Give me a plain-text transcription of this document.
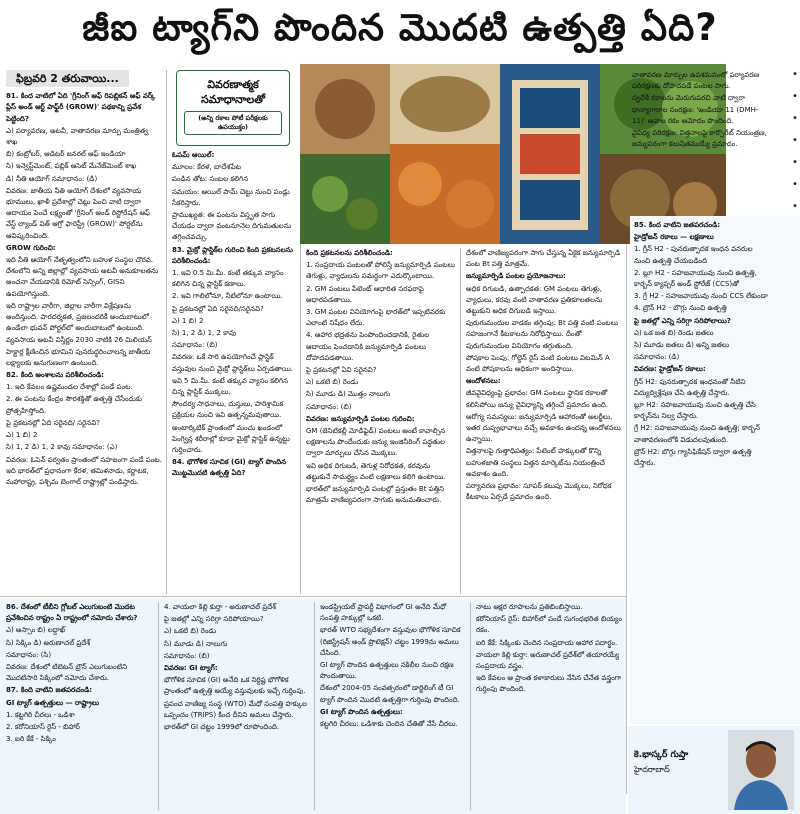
జీఐ ట్యాగ్‌ని పొందిన మొదటి ఉత్పత్తి ఏది?
ఫిబ్రవరి 2 తరువాయి...

81. కింద వాటిలో ఏది 'గ్రీనింగ్ ఆఫ్ రిపబ్లికన్ ఆఫ్ వర్క్ ప్లేస్ అండ్ ఆర్ట్ పాఫ్ట్‌రీ (GROW)' పథకాన్ని ప్రవేశ పెట్టింది?

ఎ) పర్యావరణ, అటవీ, వాతావరణ మార్పు మంత్రిత్వ శాఖ

బి) కంట్రోలర్, ఆడిటర్ జనరల్ ఆఫ్ ఇండియా

సి) ఇన్వెస్ట్‌మెంట్, పబ్లిక్ అసెట్ మేనేజ్‌మెంట్ శాఖ

డి) నీతి ఆయోగ్ సమాధానం: (డి)

వివరణ: జాతీయ నీతి ఆయోగ్ దేశంలో వ్యవసాయ భూములు, ఖాళీ ప్రదేశాల్లో చెట్లు పెంచి వాటి ద్వారా ఆదాయం పెంచే లక్ష్యంతో 'గ్రీనింగ్ అండ్ రిస్టోరేషన్ ఆఫ్ వేస్ట్ ల్యాండ్ విత్ ఆగ్రో ఫారెస్ట్రీ (GROW)' పోర్టల్‌ను ఆవిష్కరించింది.

GROW గురించి:

ఇది నీతి ఆయోగ్ నేతృత్వంలోని బహుళ సంస్థల చొరవ. దేశంలోని అన్ని జిల్లాల్లో వ్యవసాయ అటవీ అనుకూలతను అంచనా వేయడానికి రిమోట్ సెన్సింగ్, GISని ఉపయోగిస్తుంది.

ఇది రాష్ట్రాల వారీగా, జిల్లాల వారీగా విశ్లేషణను అందిస్తుంది. పారదర్శకత, ప్రజలందరికీ అందుబాటులో ఉండేలా భువన్ పోర్టల్‌లో అందుబాటులో ఉంటుంది.

వ్యవసాయ అటవీ విస్తీర్ణం 2030 నాటికి 26 మిలియన్ హెక్టార్ల క్షీణించిన భూమిని పునరుద్ధరించాలన్న జాతీయ లక్ష్యాలకు అనుగుణంగా ఉంటుంది.

82. కింది అంశాలను పరిశీలించండి:

1. ఇది కేవలం ఉష్ణమండల దేశాల్లో పండే పంట.

2. ఈ పంటను కేంద్రం సౌరశక్తితో ఉత్పత్తి చేసేందుకు ప్రోత్సహిస్తోంది.

పై ప్రకటనల్లో ఏది సరైనది/ సరైనవి?

ఎ) 1 బి) 2

సి) 1, 2 డి) 1, 2 కావు సమాధానం: (ఎ)

వివరణ: ఓపెన్ పర్వతం ప్రాంతంలో సహజంగా పండే పంట. ఇది భారత్‌లో ప్రధానంగా కేరళ, తమిళనాడు, కర్ణాటక, మహారాష్ట్ర, పశ్చిమ బెంగాల్ రాష్ట్రాల్లో పండిస్తారు.

వివరణాత్మక సమాధానాలతో
(అన్ని రకాల పోటీ పరీక్షలకు ఉపయుక్తం)

ఓపమ్ ఆయిల్:

మూలం: కేరళ, బాదేశపేట

పండిన తోట: సంబల కలిగిన

సమయం: ఆయిల్ పామ్ చెట్టు నుంచి పండ్లు సేకరిస్తారు.

ప్రాముఖ్యత: ఈ పంటను విస్తృత సాగు చేయడం ద్వారా వంటనూనెల దిగుమతులను తగ్గించవచ్చు.

83. మైక్రో ప్లాస్టిక్‌ల గురించి కింది ప్రకటనలను పరిశీలించండి:

1. ఇవి 0.5 మి.మీ. కంటే తక్కువ వ్యాసం కలిగిన చిన్న ప్లాస్టిక్ కణాలు.

2. ఇవి గాలిలోనూ, నీటిలోనూ ఉంటాయి.

పై ప్రకటనల్లో ఏది సరైనది/సరైనవి?

ఎ) 1 బి) 2

సి) 1, 2 డి) 1, 2 కావు

సమాధానం: (బి)

వివరణ: ఒకే సారి ఉపయోగించే ప్లాస్టిక్ వస్తువుల నుంచి మైక్రో ప్లాస్టిక్‌లు ఏర్పడతాయి.

ఇవి 5 మి.మీ. కంటే తక్కువ వ్యాసం కలిగిన చిన్న ప్లాస్టిక్ ముక్కలు.

సౌందర్య సాధనాలు, దుస్తులు, పారిశ్రామిక ప్రక్రియల నుంచి ఇవి ఉత్పన్నమవుతాయి.

అంటార్కిటిక్ ప్రాంతంలో మంచు ఖండంలో పెంగ్విన్ల శరీరాల్లో కూడా మైక్రో ప్లాస్టిక్ ఉన్నట్టు గుర్తించారు.

84. భౌగోళిక సూచిక (GI) ట్యాగ్ పొందిన మొట్టమొదటి ఉత్పత్తి ఏది?

కింది ప్రకటనలను పరిశీలించండి:

1. సంప్రదాయ పంటలతో పోలిస్తే జన్యుమార్పిడి పంటలు తెగుళ్లు, వ్యాధులను సమర్థంగా ఎదుర్కొంటాయి.

2. GM పంటలు పేటెంట్ ఆధారిత సరఫరాపై ఆధారపడతాయి.

3. GM పంటల వినియోగంపై భారత్‌లో ఇప్పటివరకు ఎలాంటి నిషేధం లేదు.

4. ఆహార భద్రతను పెంపొందించడానికి, రైతుల ఆదాయం పెంచడానికి జన్యుమార్పిడి పంటలు దోహదపడతాయి.

పై ప్రకటనల్లో ఏవి సరైనవి?

ఎ) ఒకటి బి) రెండు

సి) మూడు డి) మొత్తం నాలుగు

సమాధానం: (బి)

వివరణ: జన్యుమార్పిడి పంటల గురించి:

GM (జెనిటికల్లీ మోడిఫైడ్) పంటలు అంటే కావాల్సిన లక్షణాలను పొందేందుకు జన్యు ఇంజినీరింగ్ పద్ధతుల ద్వారా మార్పులు చేసిన మొక్కలు.

ఇవి అధిక దిగుబడి, తెగుళ్ల నిరోధకత, కరవును తట్టుకునే సామర్థ్యం వంటి లక్షణాలు కలిగి ఉంటాయి.

భారత్‌లో జన్యుమార్పిడి పంటల్లో ప్రస్తుతం Bt పత్తిని మాత్రమే వాణిజ్యపరంగా సాగుకు అనుమతించారు.

దేశంలో వాణిజ్యపరంగా సాగు చేస్తున్న ఏకైక జన్యుమార్పిడి పంట Bt పత్తి మాత్రమే.

జన్యుమార్పిడి పంటల ప్రయోజనాలు:

అధిక దిగుబడి, ఉత్పాదకత: GM పంటలు తెగుళ్లు, వ్యాధులు, కరవు వంటి వాతావరణ ప్రతికూలతలను తట్టుకుని అధిక దిగుబడి ఇస్తాయి.

పురుగుమందుల వాడకం తగ్గింపు: Bt పత్తి వంటి పంటలు సహజంగానే కీటకాలను నిరోధిస్తాయి. దీంతో పురుగుమందుల వినియోగం తగ్గుతుంది.

పోషకాల పెంపు: గోల్డెన్ రైస్ వంటి పంటలు విటమిన్ A వంటి పోషకాలను అధికంగా అందిస్తాయి.

ఆందోళనలు:

జీవవైవిధ్యంపై ప్రభావం: GM పంటలు స్థానిక రకాలతో కలిసిపోయి జన్యు వైవిధ్యాన్ని తగ్గించే ప్రమాదం ఉంది.

ఆరోగ్య సమస్యలు: జన్యుమార్పిడి ఆహారంతో అలర్జీలు, ఇతర దుష్ప్రభావాలు వచ్చే అవకాశం ఉందన్న ఆందోళనలు ఉన్నాయి.

విత్తనాలపై గుత్తాధిపత్యం: పేటెంట్ హక్కులతో కొన్ని బహుళజాతి సంస్థలు విత్తన మార్కెట్‌ను నియంత్రించే అవకాశం ఉంది.

పర్యావరణ ప్రభావం: సూపర్ కలుపు మొక్కలు, నిరోధక కీటకాలు ఏర్పడే ప్రమాదం ఉంది.

వాతావరణ మార్పుల ఉపశమనంలో పర్యావరణ పరిరక్షణకు దోహదపడే పంటల సాగు.

స్వదేశీ రకాలను మెరుగుపరచి వాటి ద్వారా ధాన్యాగారాల సంరక్షణ: 'ఇండియా 11 (DMH-11)' ఆవాల రకం ఆమోదం పొందింది.

వైవిధ్య పరిరక్షణ: విత్తనాలపై కార్పొరేట్ నియంత్రణ, జన్యుపరంగా కలుషితమయ్యే ప్రమాదం.

85. కింద వాటిని జతపరచండి:

హైడ్రోజన్ రకాలు — లక్షణాలు

1. గ్రీన్ H2 - పునరుత్పాదక ఇంధన వనరుల నుంచి ఉత్పత్తి చేయబడింది

2. బ్లూ H2 - సహజవాయువు నుంచి ఉత్పత్తి, కార్బన్ క్యాప్చర్ అండ్ స్టోరేజ్ (CCS)తో

3. గ్రే H2 - సహజవాయువు నుంచి CCS లేకుండా

4. బ్రౌన్ H2 - బొగ్గు నుంచి ఉత్పత్తి

పై జతల్లో ఎన్ని సరిగ్గా సరిపోలాయి?

ఎ) ఒక జత బి) రెండు జతలు

సి) మూడు జతలు డి) అన్ని జతలు

సమాధానం: (డి)

వివరణ: హైడ్రోజన్ రకాలు:

గ్రీన్ H2: పునరుత్పాదక ఇంధనంతో నీటిని విద్యుద్విశ్లేషణ చేసి ఉత్పత్తి చేస్తారు.

బ్లూ H2: సహజవాయువు నుంచి ఉత్పత్తి చేసి కార్బన్‌ను నిల్వ చేస్తారు.

గ్రే H2: సహజవాయువు నుంచి ఉత్పత్తి; కార్బన్ వాతావరణంలోకి విడుదలవుతుంది.

బ్రౌన్ H2: బొగ్గు గ్యాసిఫికేషన్ ద్వారా ఉత్పత్తి చేస్తారు.

•
•
•
•
•
•
•

86. దేశంలో టీబీని గ్లోబల్ ఎలుగుబంటి మొదట ప్రవేశించిన రాష్ట్రం ఏ రాష్ట్రంలో నమోదు చేశారు?

ఎ) అస్సాం బి) లద్దాఖ్

సి) సిక్కిం డి) అరుణాచల్ ప్రదేశ్

సమాధానం: (సి)

వివరణ: దేశంలో టిబెటన్ బ్రౌన్ ఎలుగుబంటిని మొదటిసారి సిక్కింలో నమోదు చేశారు.

87. కింది వాటిని జతపరచండి:

GI ట్యాగ్ ఉత్పత్తులు — రాష్ట్రాలు

1. కట్టగిరి చీరలు - ఒడిశా

2. కరోనియాస్ రైస్ - బిహార్

3. ఐరి కేకే - సిక్కిం

4. వాయలా కిల్లి కుర్తా - అరుణాచల్ ప్రదేశ్

పై జతల్లో ఎన్ని సరిగ్గా సరిపోయాయి?

ఎ) ఒకటి బి) రెండు

సి) మూడు డి) నాలుగు

సమాధానం: (బి)

వివరణ: GI ట్యాగ్:

భౌగోళిక సూచిక (GI) అనేది ఒక నిర్దిష్ట భౌగోళిక ప్రాంతంలో ఉత్పత్తి అయ్యే వస్తువులకు ఇచ్చే గుర్తింపు.

ప్రపంచ వాణిజ్య సంస్థ (WTO) మేధో సంపత్తి హక్కుల ఒప్పందం (TRIPS) కింద దీనిని అమలు చేస్తారు.

భారత్‌లో GI చట్టం 1999లో రూపొందింది.

ఇండస్ట్రియల్ ప్రాపర్టీ విభాగంలో GI అనేది మేధో సంపత్తి హక్కుల్లో ఒకటి.

భారత్ WTO సభ్యదేశంగా వస్తువుల భౌగోళిక సూచిక (రిజిస్ట్రేషన్ అండ్ ప్రొటెక్షన్) చట్టం 1999ను అమలు చేసింది.

GI ట్యాగ్ పొందిన ఉత్పత్తులు నకిలీల నుంచి రక్షణ పొందుతాయి.

దేశంలో 2004-05 సంవత్సరంలో డార్జిలింగ్ టీ GI ట్యాగ్ పొందిన మొదటి ఉత్పత్తిగా గుర్తింపు పొందింది.

GI ట్యాగ్ పొందిన ఉత్పత్తులు:

కట్టగిరి చీరలు: ఒడిశాకు చెందిన చేతితో నేసే చీరలు.

నాటు ఆక్షర రూపాలను ప్రతిబింబిస్తాయి.

కరోనియాస్ రైస్: బిహార్‌లో పండే సుగంధభరిత బియ్యం రకం.

ఐరి కేకే: సిక్కింకు చెందిన సంప్రదాయ ఆహార పదార్థం.

వాయలా కిల్లి కుర్తా: అరుణాచల్ ప్రదేశ్‌లో తయారయ్యే సంప్రదాయ వస్త్రం.

ఇది కేవలం ఆ ప్రాంత కళాకారులు నేసిన చేనేత వస్త్రంగా గుర్తింపు పొందింది.

కె.భాస్కర్ గుప్తా
హైదరాబాద్
